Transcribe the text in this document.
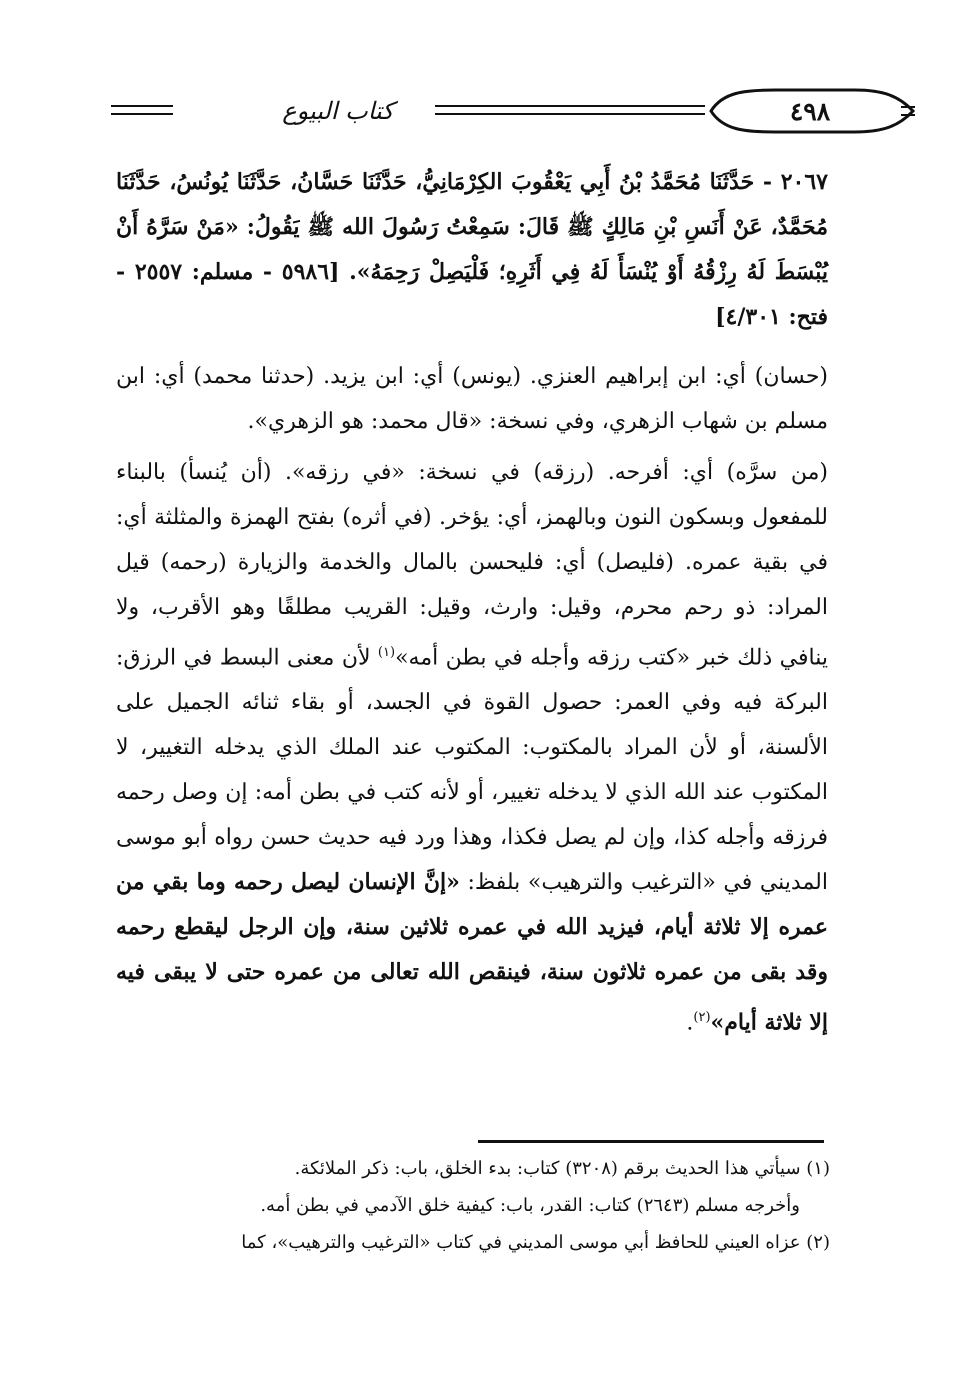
كتاب البيوع	٤٩٨

٢٠٦٧ - حَدَّثَنَا مُحَمَّدُ بْنُ أَبِي يَعْقُوبَ الكِرْمَانِيُّ، حَدَّثَنَا حَسَّانُ، حَدَّثَنَا يُونُسُ، حَدَّثَنَا مُحَمَّدٌ، عَنْ أَنَسِ بْنِ مَالِكٍ ﷺ قَالَ: سَمِعْتُ رَسُولَ الله ﷺ يَقُولُ: «مَنْ سَرَّهُ أَنْ يُبْسَطَ لَهُ رِزْقُهُ أَوْ يُنْسَأَ لَهُ فِي أَثَرِهِ؛ فَلْيَصِلْ رَحِمَهُ». [٥٩٨٦ - مسلم: ٢٥٥٧ - فتح: ٤/٣٠١]

(حسان) أي: ابن إبراهيم العنزي. (يونس) أي: ابن يزيد. (حدثنا محمد) أي: ابن مسلم بن شهاب الزهري، وفي نسخة: «قال محمد: هو الزهري».

(من سرَّه) أي: أفرحه. (رزقه) في نسخة: «في رزقه». (أن يُنسأ) بالبناء للمفعول وبسكون النون وبالهمز، أي: يؤخر. (في أثره) بفتح الهمزة والمثلثة أي: في بقية عمره. (فليصل) أي: فليحسن بالمال والخدمة والزيارة (رحمه) قيل المراد: ذو رحم محرم، وقيل: وارث، وقيل: القريب مطلقًا وهو الأقرب، ولا ينافي ذلك خبر «كتب رزقه وأجله في بطن أمه»$^{(١)}$ لأن معنى البسط في الرزق: البركة فيه وفي العمر: حصول القوة في الجسد، أو بقاء ثنائه الجميل على الألسنة، أو لأن المراد بالمكتوب: المكتوب عند الملك الذي يدخله التغيير، لا المكتوب عند الله الذي لا يدخله تغيير، أو لأنه كتب في بطن أمه: إن وصل رحمه فرزقه وأجله كذا، وإن لم يصل فكذا، وهذا ورد فيه حديث حسن رواه أبو موسى المديني في «الترغيب والترهيب» بلفظ: «إنَّ الإنسان ليصل رحمه وما بقي من عمره إلا ثلاثة أيام، فيزيد الله في عمره ثلاثين سنة، وإن الرجل ليقطع رحمه وقد بقى من عمره ثلاثون سنة، فينقص الله تعالى من عمره حتى لا يبقى فيه إلا ثلاثة أيام»$^{(٢)}$.

(١) سيأتي هذا الحديث برقم (٣٢٠٨) كتاب: بدء الخلق، باب: ذكر الملائكة.

وأخرجه مسلم (٢٦٤٣) كتاب: القدر، باب: كيفية خلق الآدمي في بطن أمه.

(٢) عزاه العيني للحافظ أبي موسى المديني في كتاب «الترغيب والترهيب»، كما
